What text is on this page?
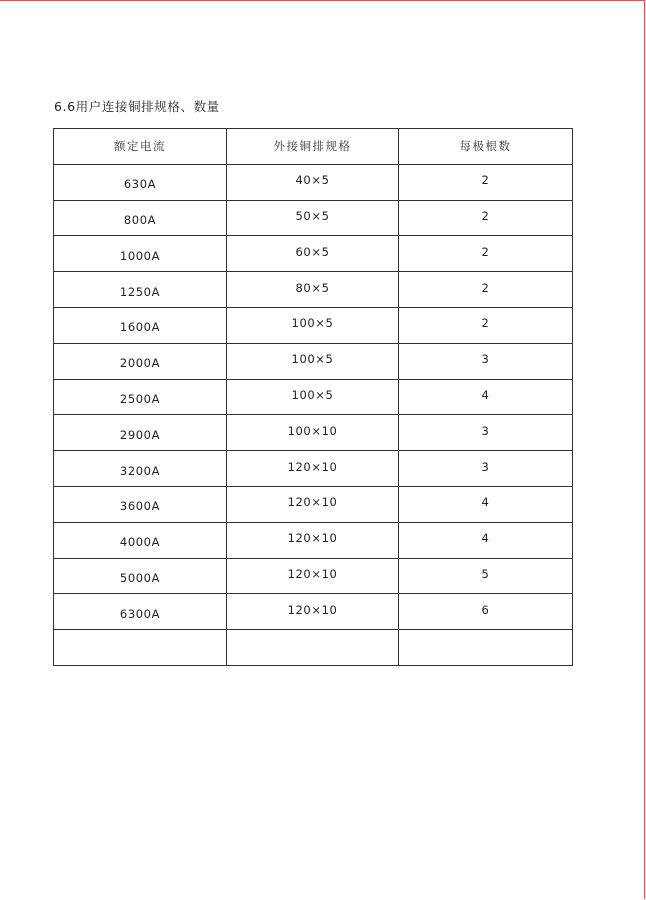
6.6用户连接铜排规格、数量
额定电流	外接铜排规格	每极根数
630A	40×5	2
800A	50×5	2
1000A	60×5	2
1250A	80×5	2
1600A	100×5	2
2000A	100×5	3
2500A	100×5	4
2900A	100×10	3
3200A	120×10	3
3600A	120×10	4
4000A	120×10	4
5000A	120×10	5
6300A	120×10	6
